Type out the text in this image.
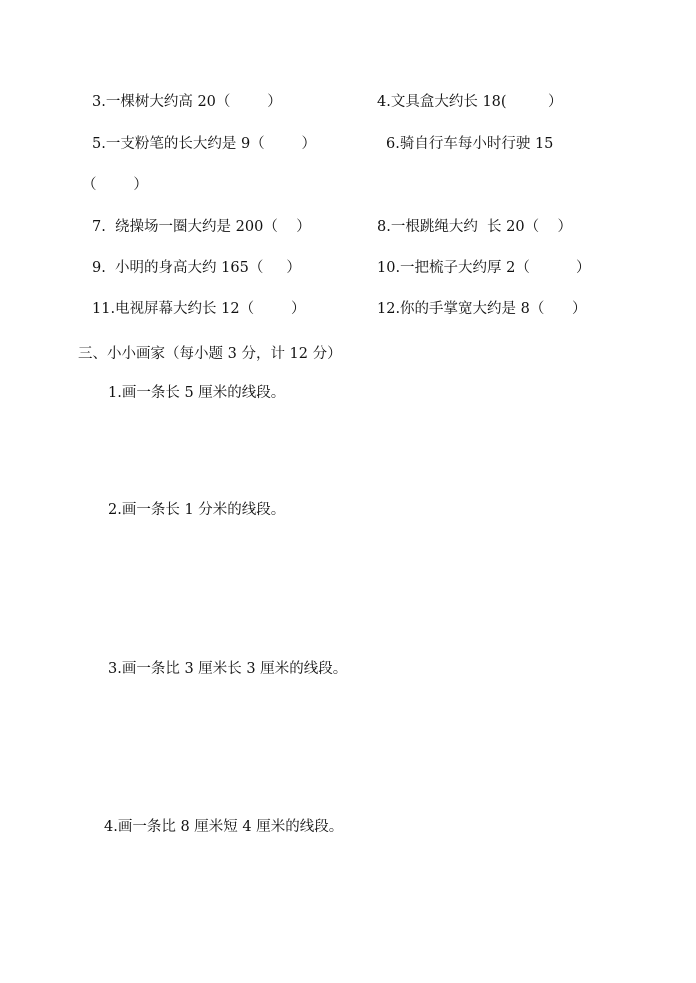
3.一棵树大约高 20（        ）	4.文具盒大约长 18(         ）
5.一支粉笔的长大约是 9（        ）	6.骑自行车每小时行驶 15
（        ）
7.  绕操场一圈大约是 200（    ）	8.一根跳绳大约  长 20（    ）
9.  小明的身高大约 165（     ）	10.一把梳子大约厚 2（          ）
11.电视屏幕大约长 12（        ）	12.你的手掌宽大约是 8（      ）
三、小小画家（每小题 3 分，计 12 分）
1.画一条长 5 厘米的线段。
2.画一条长 1 分米的线段。
3.画一条比 3 厘米长 3 厘米的线段。
4.画一条比 8 厘米短 4 厘米的线段。
